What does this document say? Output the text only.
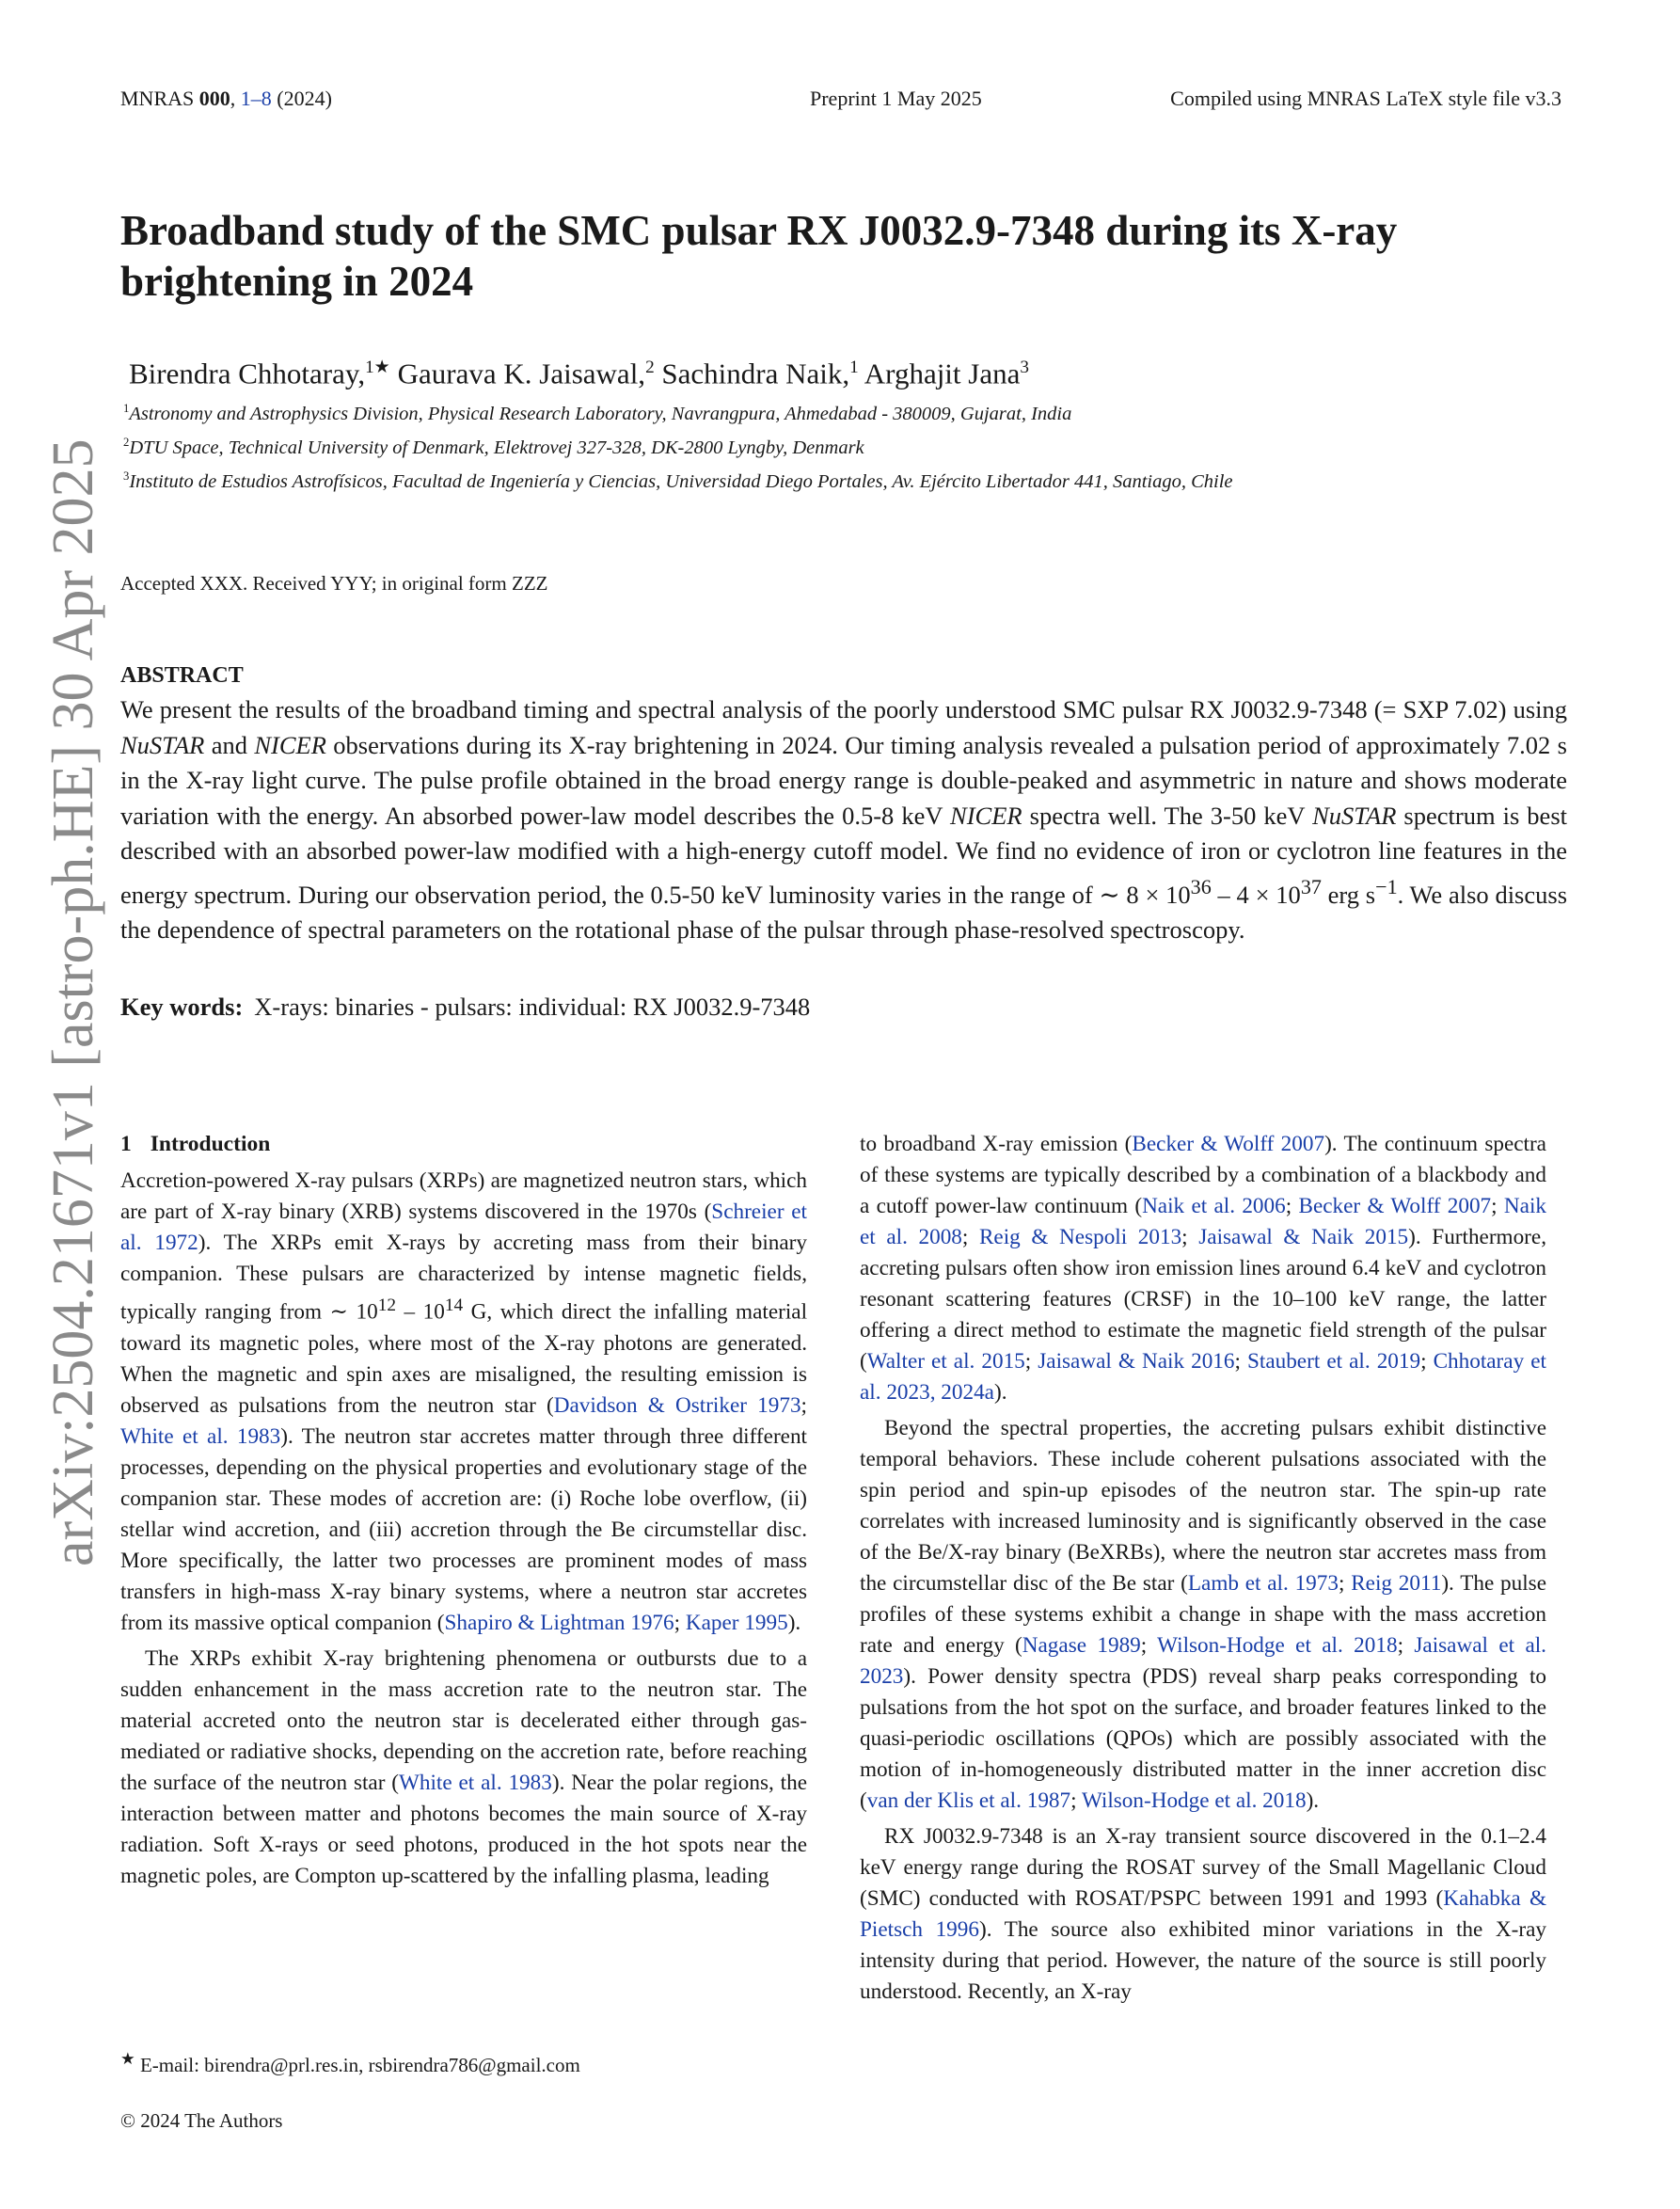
MNRAS 000, 1–8 (2024)	Preprint 1 May 2025	Compiled using MNRAS LaTeX style file v3.3
arXiv:2504.21671v1 [astro-ph.HE] 30 Apr 2025
Broadband study of the SMC pulsar RX J0032.9-7348 during its X-ray brightening in 2024
Birendra Chhotaray,$^{1★}$ Gaurava K. Jaisawal,$^2$ Sachindra Naik,$^1$ Arghajit Jana$^3$
$^1$Astronomy and Astrophysics Division, Physical Research Laboratory, Navrangpura, Ahmedabad - 380009, Gujarat, India
$^2$DTU Space, Technical University of Denmark, Elektrovej 327-328, DK-2800 Lyngby, Denmark
$^3$Instituto de Estudios Astrofísicos, Facultad de Ingeniería y Ciencias, Universidad Diego Portales, Av. Ejército Libertador 441, Santiago, Chile
Accepted XXX. Received YYY; in original form ZZZ
ABSTRACT

We present the results of the broadband timing and spectral analysis of the poorly understood SMC pulsar RX J0032.9-7348 (= SXP 7.02) using NuSTAR and NICER observations during its X-ray brightening in 2024. Our timing analysis revealed a pulsation period of approximately 7.02 s in the X-ray light curve. The pulse profile obtained in the broad energy range is double-peaked and asymmetric in nature and shows moderate variation with the energy. An absorbed power-law model describes the 0.5-8 keV NICER spectra well. The 3-50 keV NuSTAR spectrum is best described with an absorbed power-law modified with a high-energy cutoff model. We find no evidence of iron or cyclotron line features in the energy spectrum. During our observation period, the 0.5-50 keV luminosity varies in the range of ∼ $8 \times 10^{36} - 4 \times 10^{37}$ erg $s^{-1}$. We also discuss the dependence of spectral parameters on the rotational phase of the pulsar through phase-resolved spectroscopy.

Key words: X-rays: binaries - pulsars: individual: RX J0032.9-7348
1 Introduction

Accretion-powered X-ray pulsars (XRPs) are magnetized neutron stars, which are part of X-ray binary (XRB) systems discovered in the 1970s (Schreier et al. 1972). The XRPs emit X-rays by accreting mass from their binary companion. These pulsars are characterized by intense magnetic fields, typically ranging from ∼ $10^{12} - 10^{14}$ G, which direct the infalling material toward its magnetic poles, where most of the X-ray photons are generated. When the magnetic and spin axes are misaligned, the resulting emission is observed as pulsations from the neutron star (Davidson & Ostriker 1973; White et al. 1983). The neutron star accretes matter through three different processes, depending on the physical properties and evolutionary stage of the companion star. These modes of accretion are: (i) Roche lobe overflow, (ii) stellar wind accretion, and (iii) accretion through the Be circumstellar disc. More specifically, the latter two processes are prominent modes of mass transfers in high-mass X-ray binary systems, where a neutron star accretes from its massive optical companion (Shapiro & Lightman 1976; Kaper 1995).

The XRPs exhibit X-ray brightening phenomena or outbursts due to a sudden enhancement in the mass accretion rate to the neutron star. The material accreted onto the neutron star is decelerated either through gas-mediated or radiative shocks, depending on the accretion rate, before reaching the surface of the neutron star (White et al. 1983). Near the polar regions, the interaction between matter and photons becomes the main source of X-ray radiation. Soft X-rays or seed photons, produced in the hot spots near the magnetic poles, are Compton up-scattered by the infalling plasma, leading

to broadband X-ray emission (Becker & Wolff 2007). The continuum spectra of these systems are typically described by a combination of a blackbody and a cutoff power-law continuum (Naik et al. 2006; Becker & Wolff 2007; Naik et al. 2008; Reig & Nespoli 2013; Jaisawal & Naik 2015). Furthermore, accreting pulsars often show iron emission lines around 6.4 keV and cyclotron resonant scattering features (CRSF) in the 10–100 keV range, the latter offering a direct method to estimate the magnetic field strength of the pulsar (Walter et al. 2015; Jaisawal & Naik 2016; Staubert et al. 2019; Chhotaray et al. 2023, 2024a).

Beyond the spectral properties, the accreting pulsars exhibit distinctive temporal behaviors. These include coherent pulsations associated with the spin period and spin-up episodes of the neutron star. The spin-up rate correlates with increased luminosity and is significantly observed in the case of the Be/X-ray binary (BeXRBs), where the neutron star accretes mass from the circumstellar disc of the Be star (Lamb et al. 1973; Reig 2011). The pulse profiles of these systems exhibit a change in shape with the mass accretion rate and energy (Nagase 1989; Wilson-Hodge et al. 2018; Jaisawal et al. 2023). Power density spectra (PDS) reveal sharp peaks corresponding to pulsations from the hot spot on the surface, and broader features linked to the quasi-periodic oscillations (QPOs) which are possibly associated with the motion of in-homogeneously distributed matter in the inner accretion disc (van der Klis et al. 1987; Wilson-Hodge et al. 2018).

RX J0032.9-7348 is an X-ray transient source discovered in the 0.1–2.4 keV energy range during the ROSAT survey of the Small Magellanic Cloud (SMC) conducted with ROSAT/PSPC between 1991 and 1993 (Kahabka & Pietsch 1996). The source also exhibited minor variations in the X-ray intensity during that period. However, the nature of the source is still poorly understood. Recently, an X-ray

★ E-mail: birendra@prl.res.in, rsbirendra786@gmail.com
© 2024 The Authors
